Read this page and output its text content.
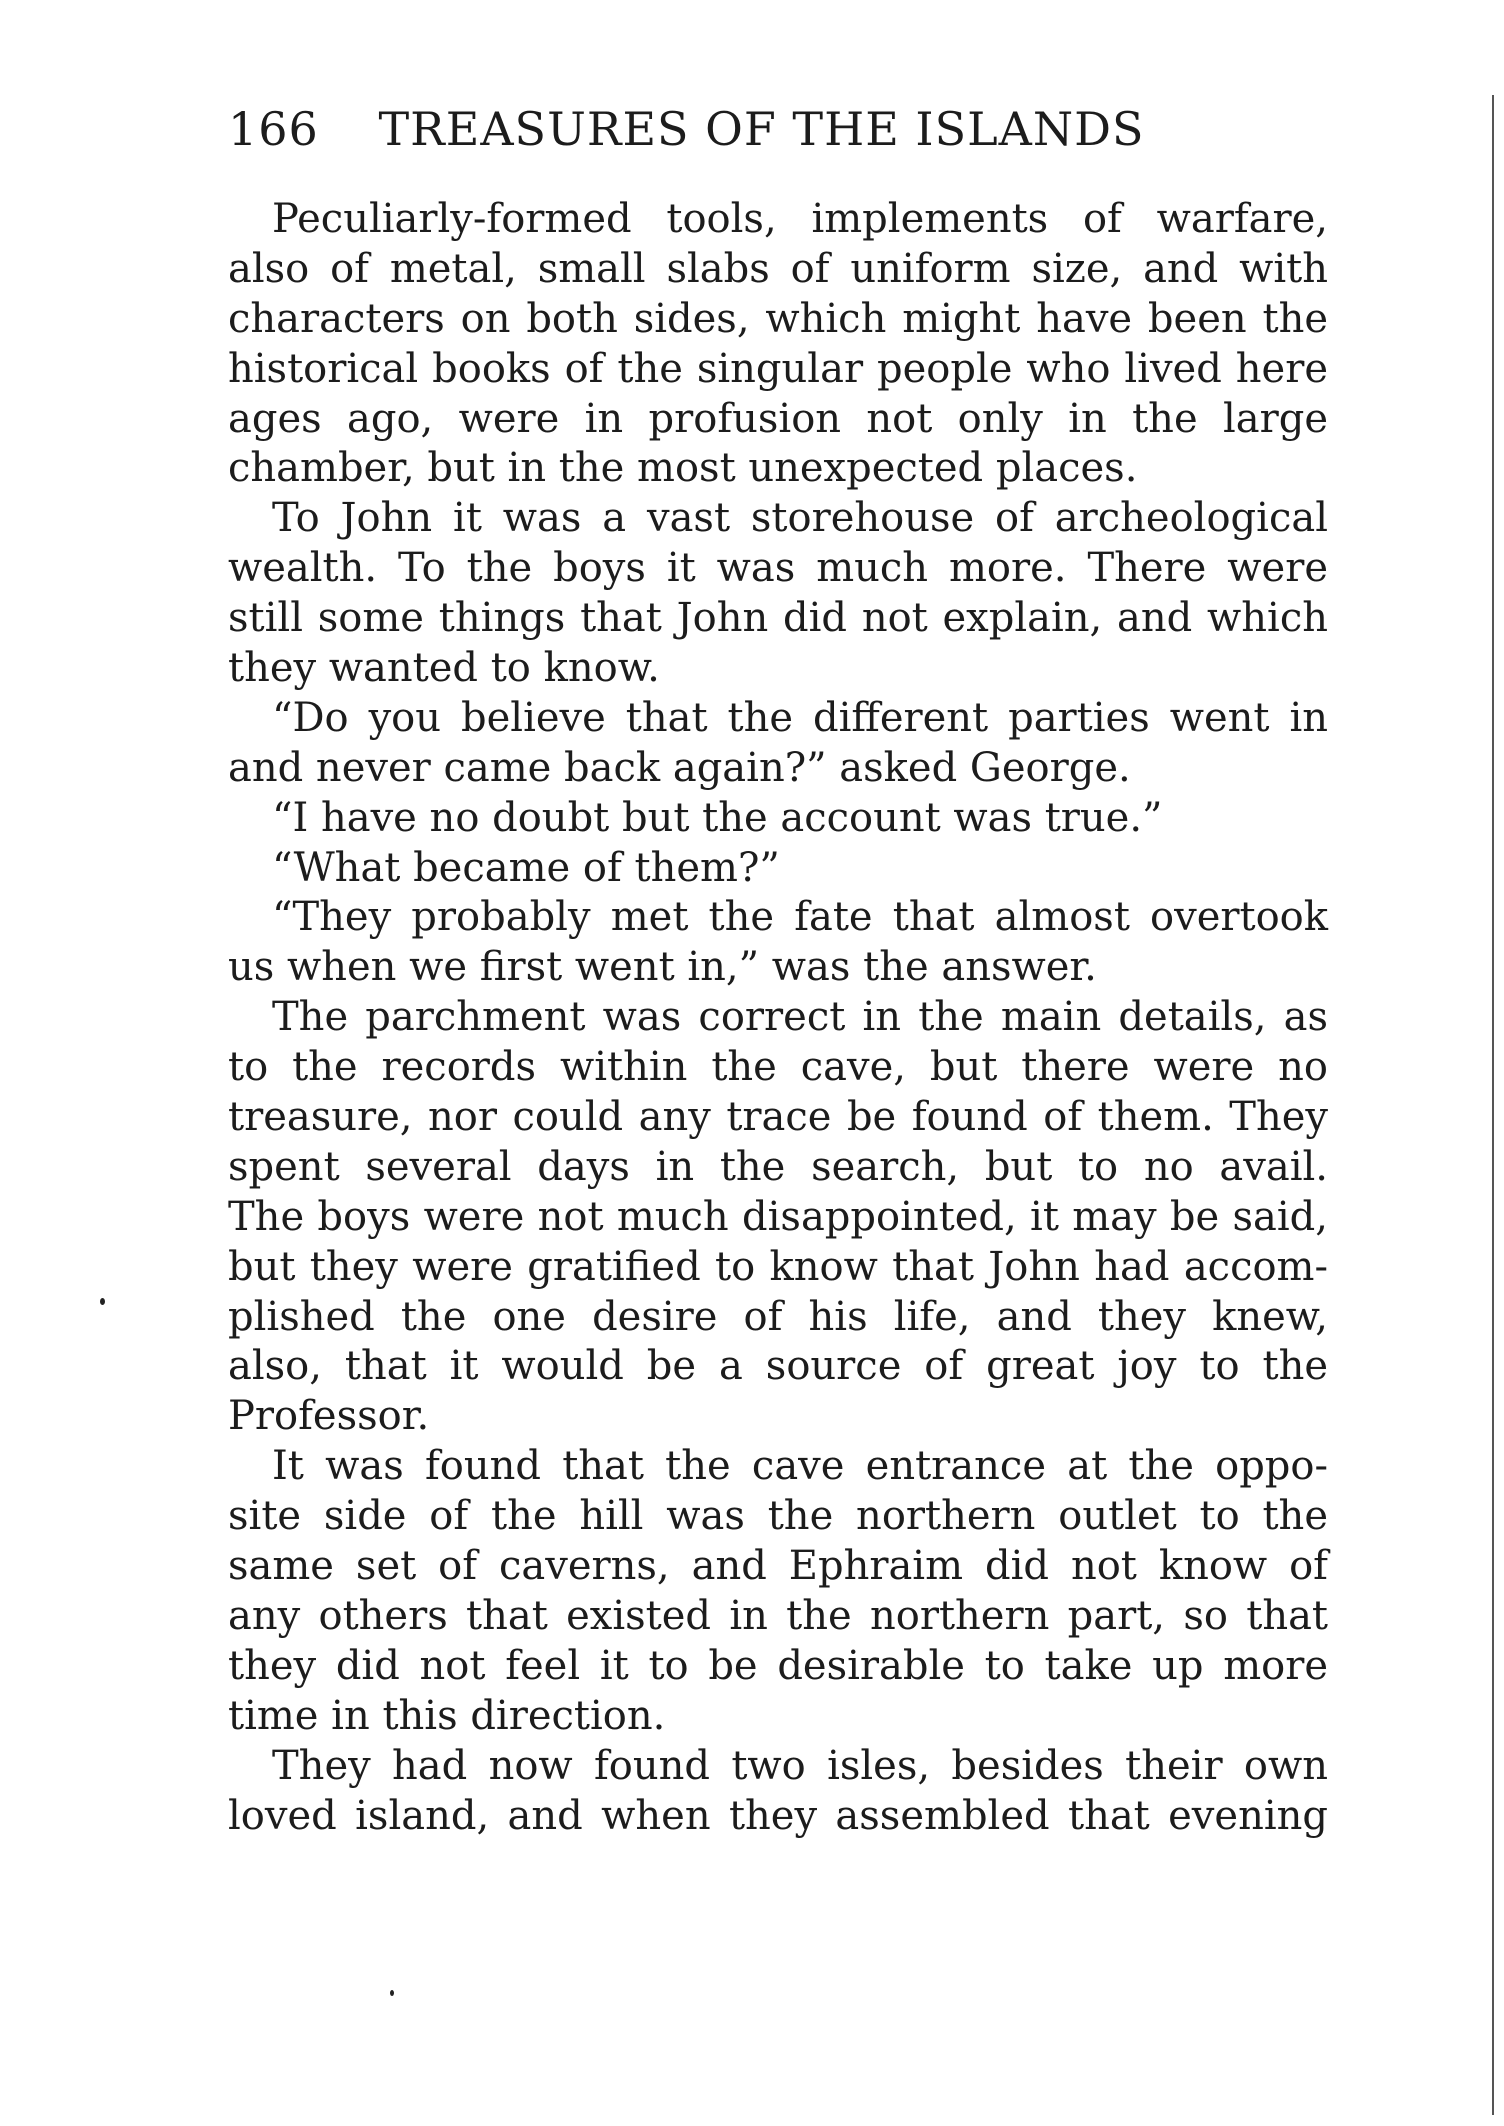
166 TREASURES OF THE ISLANDS
Peculiarly-formed tools, implements of warfare,
also of metal, small slabs of uniform size, and with
characters on both sides, which might have been the
historical books of the singular people who lived here
ages ago, were in profusion not only in the large
chamber, but in the most unexpected places.
To John it was a vast storehouse of archeological
wealth. To the boys it was much more. There were
still some things that John did not explain, and which
they wanted to know.
“Do you believe that the different parties went in
and never came back again?” asked George.
“I have no doubt but the account was true.”
“What became of them?”
“They probably met the fate that almost overtook
us when we first went in,” was the answer.
The parchment was correct in the main details, as
to the records within the cave, but there were no
treasure, nor could any trace be found of them. They
spent several days in the search, but to no avail.
The boys were not much disappointed, it may be said,
but they were gratified to know that John had accom-
plished the one desire of his life, and they knew,
also, that it would be a source of great joy to the
Professor.
It was found that the cave entrance at the oppo-
site side of the hill was the northern outlet to the
same set of caverns, and Ephraim did not know of
any others that existed in the northern part, so that
they did not feel it to be desirable to take up more
time in this direction.
They had now found two isles, besides their own
loved island, and when they assembled that evening
